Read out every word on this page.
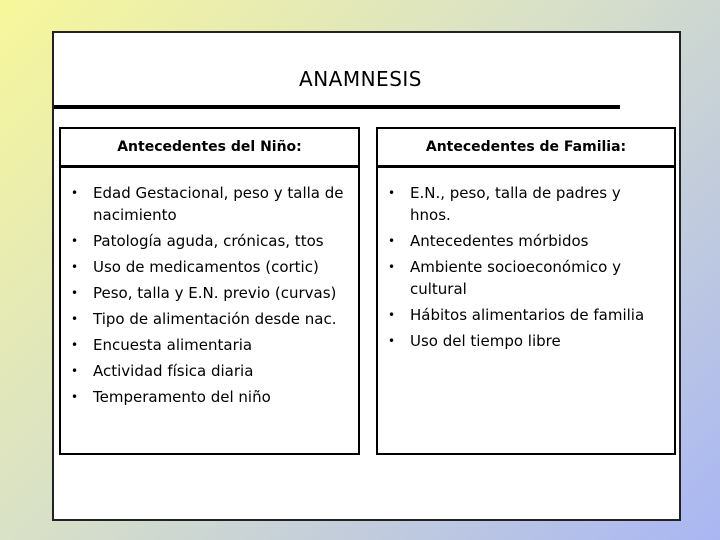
ANAMNESIS
Antecedentes del Niño:
• Edad Gestacional, peso y talla de nacimiento
• Patología aguda, crónicas, ttos
• Uso de medicamentos (cortic)
• Peso, talla y E.N. previo (curvas)
• Tipo de alimentación desde nac.
• Encuesta alimentaria
• Actividad física diaria
• Temperamento del niño
Antecedentes de Familia:
• E.N., peso, talla de padres y hnos.
• Antecedentes mórbidos
• Ambiente socioeconómico y cultural
• Hábitos alimentarios de familia
• Uso del tiempo libre
